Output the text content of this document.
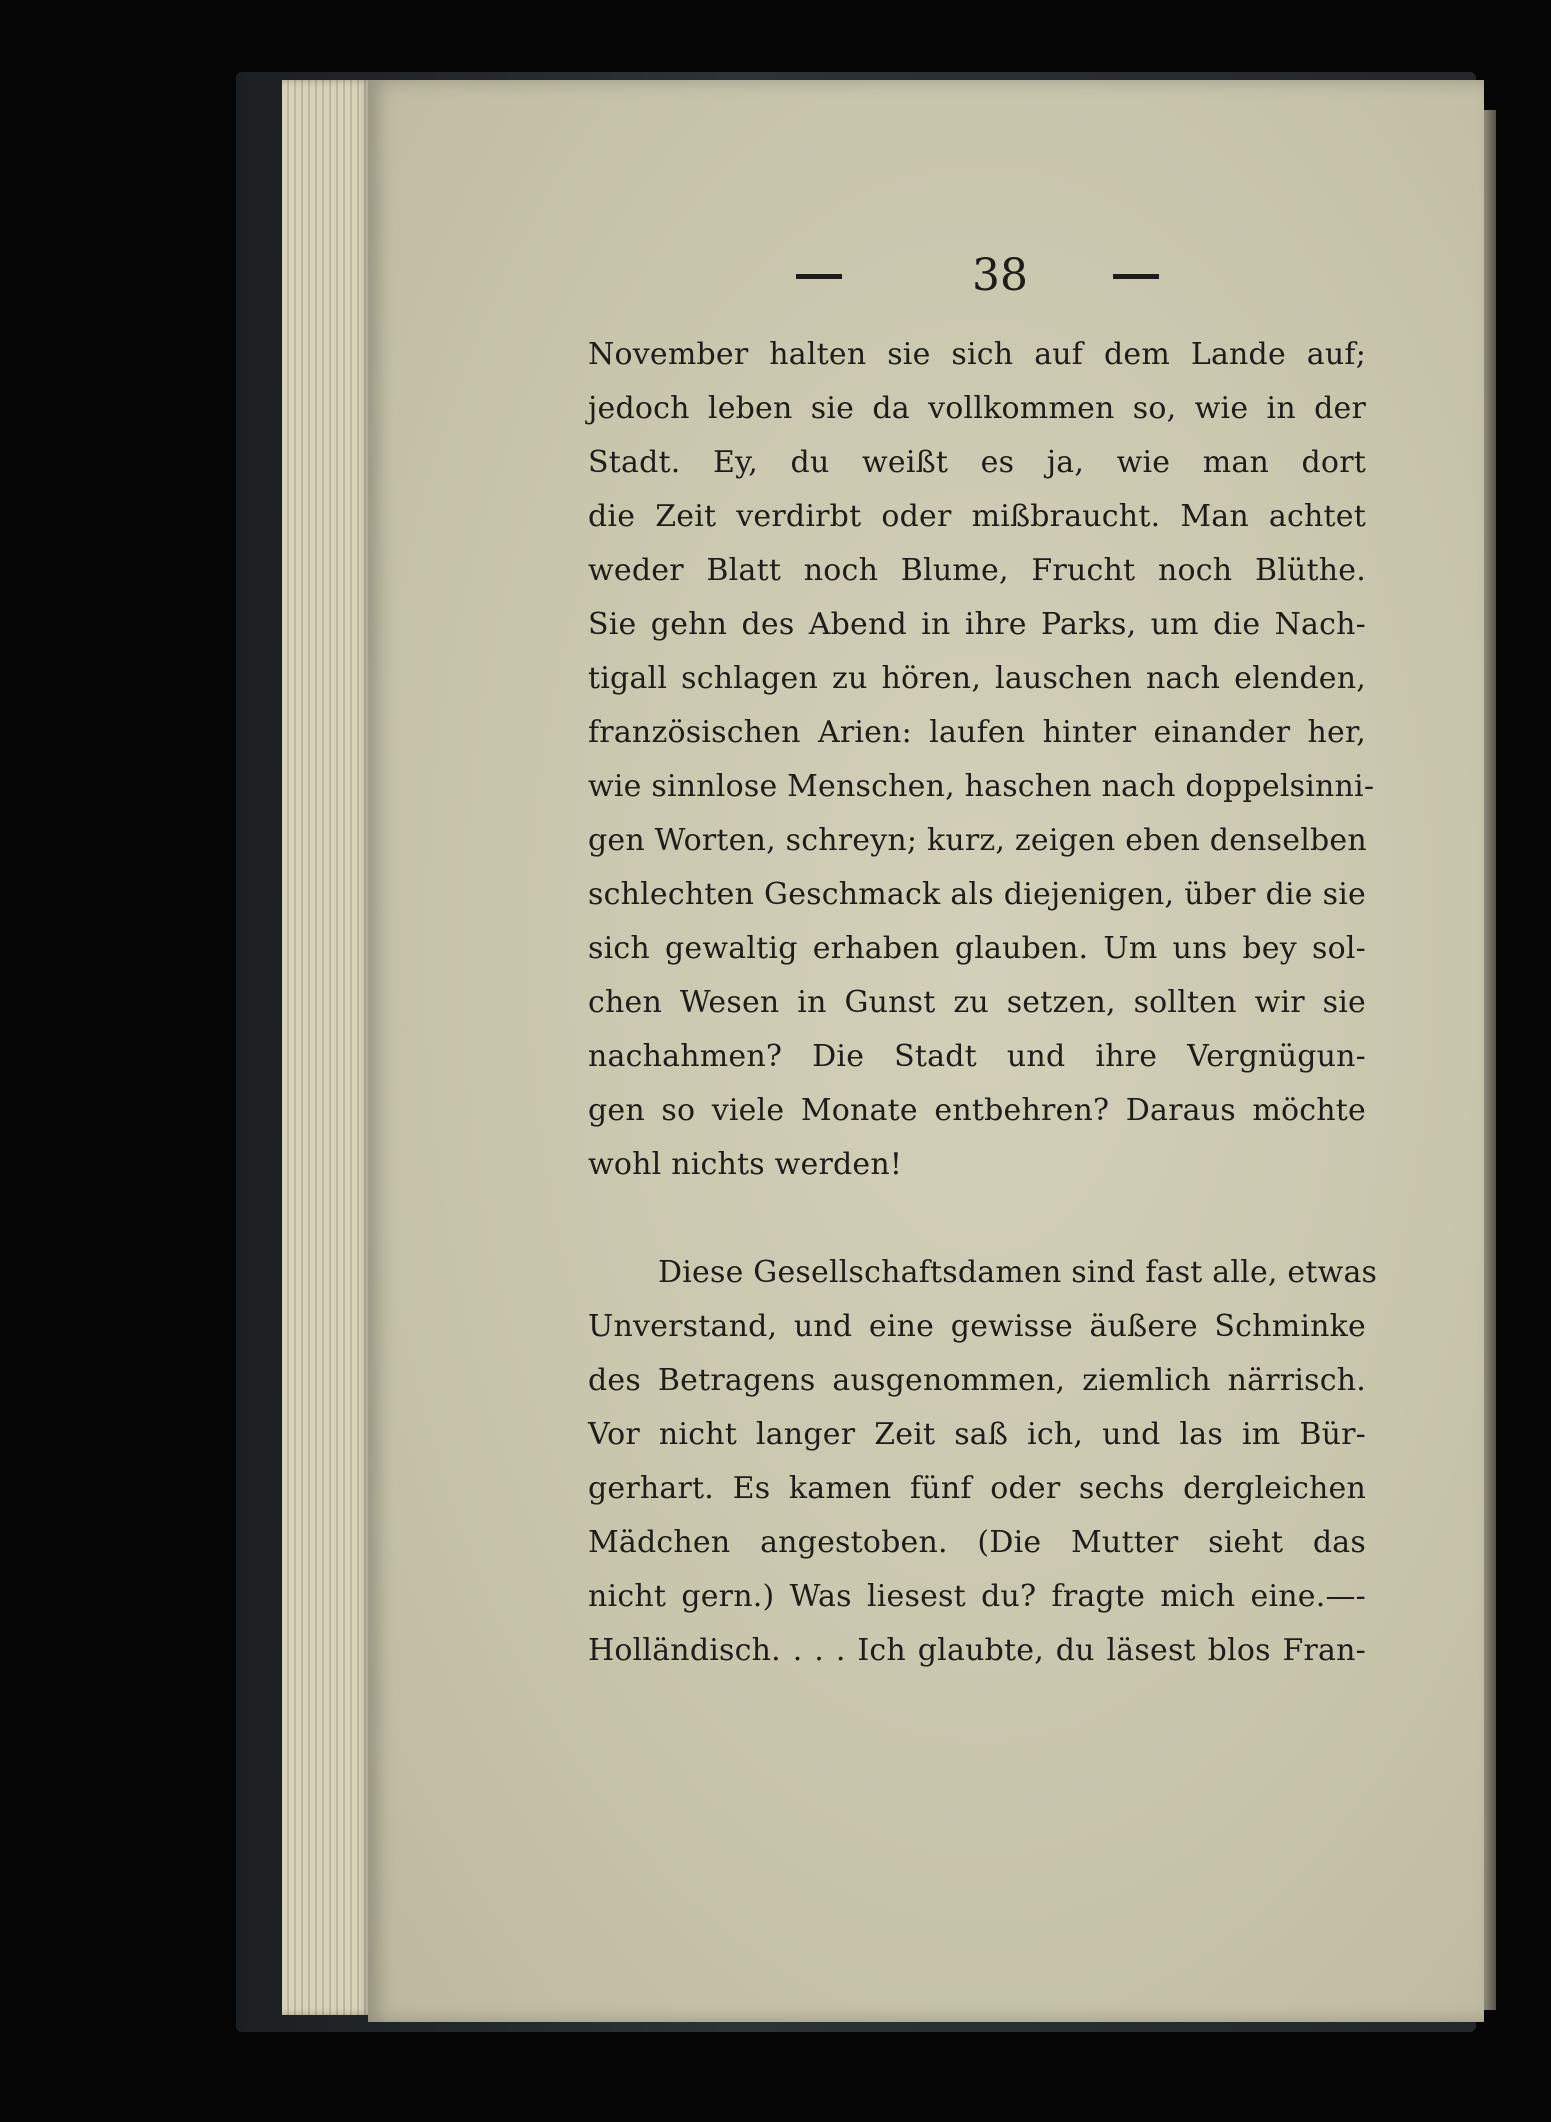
38
November halten sie sich auf dem Lande auf;
jedoch leben sie da vollkommen so, wie in der
Stadt. Ey, du weißt es ja, wie man dort
die Zeit verdirbt oder mißbraucht. Man achtet
weder Blatt noch Blume, Frucht noch Blüthe.
Sie gehn des Abend in ihre Parks, um die Nach-
tigall schlagen zu hören, lauschen nach elenden,
französischen Arien: laufen hinter einander her,
wie sinnlose Menschen, haschen nach doppelsinni-
gen Worten, schreyn; kurz, zeigen eben denselben
schlechten Geschmack als diejenigen, über die sie
sich gewaltig erhaben glauben. Um uns bey sol-
chen Wesen in Gunst zu setzen, sollten wir sie
nachahmen? Die Stadt und ihre Vergnügun-
gen so viele Monate entbehren? Daraus möchte
wohl nichts werden!
Diese Gesellschaftsdamen sind fast alle, etwas
Unverstand, und eine gewisse äußere Schminke
des Betragens ausgenommen, ziemlich närrisch.
Vor nicht langer Zeit saß ich, und las im Bür-
gerhart. Es kamen fünf oder sechs dergleichen
Mädchen angestoben. (Die Mutter sieht das
nicht gern.) Was liesest du? fragte mich eine.—-
Holländisch. . . . Ich glaubte, du läsest blos Fran-
